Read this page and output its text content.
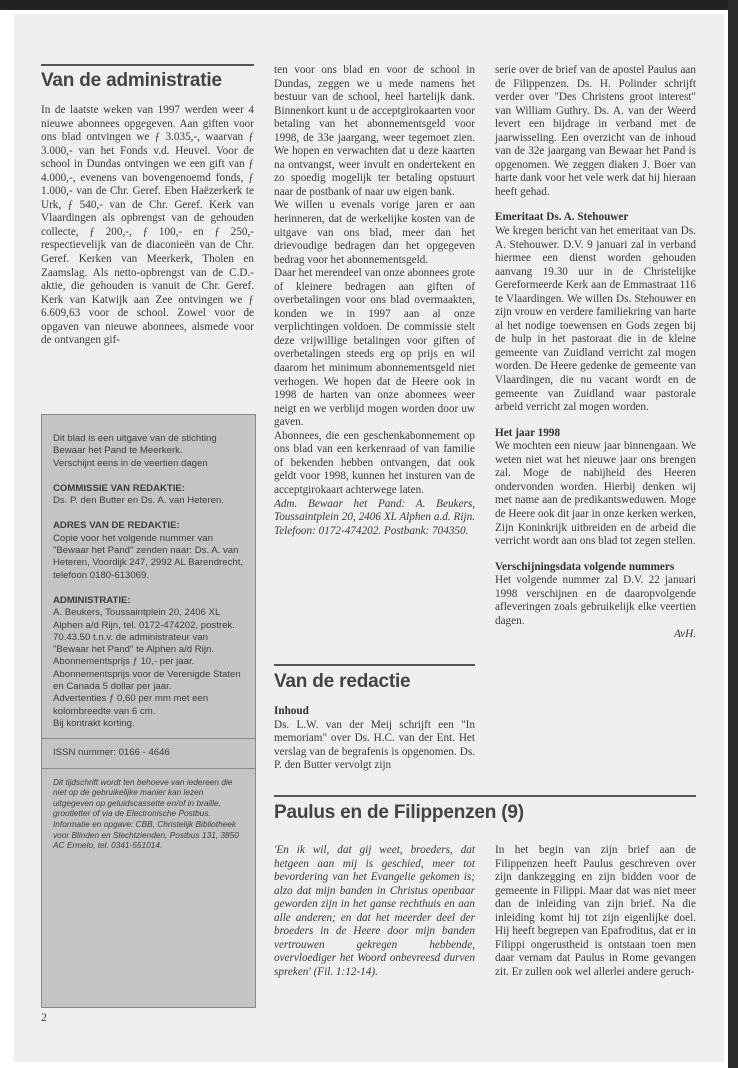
Van de administratie

In de laatste weken van 1997 werden weer 4 nieuwe abonnees opgegeven. Aan giften voor ons blad ontvingen we ƒ 3.035,-, waarvan ƒ 3.000,- van het Fonds v.d. Heuvel. Voor de school in Dundas ontvingen we een gift van ƒ 4.000,-, evenens van bovengenoemd fonds, ƒ 1.000,- van de Chr. Geref. Eben Haëzerkerk te Urk, ƒ 540,- van de Chr. Geref. Kerk van Vlaardingen als opbrengst van de gehouden collecte, ƒ 200,-, ƒ 100,- en ƒ 250,- respectievelijk van de diaconieën van de Chr. Geref. Kerken van Meerkerk, Tholen en Zaamslag. Als netto-opbrengst van de C.D.-aktie, die gehouden is vanuit de Chr. Geref. Kerk van Katwijk aan Zee ontvingen we ƒ 6.609,63 voor de school. Zowel voor de opgaven van nieuwe abonnees, alsmede voor de ontvangen gif-

Dit blad is een uitgave van de stichting Bewaar het Pand te Meerkerk.

Verschijnt eens in de veertien dagen

COMMISSIE VAN REDAKTIE:

Ds. P. den Butter en Ds. A. van Heteren.

ADRES VAN DE REDAKTIE:

Copie voor het volgende nummer van "Bewaar het Pand" zenden naar: Ds. A. van Heteren, Voordijk 247, 2992 AL Barendrecht, telefoon 0180-613069.

ADMINISTRATIE:

A. Beukers, Toussaintplein 20, 2406 XL Alphen a/d Rijn, tel. 0172-474202, postrek. 70.43.50 t.n.v. de administrateur van "Bewaar het Pand" te Alphen a/d Rijn.

Abonnementsprijs ƒ 10,- per jaar. Abonnementsprijs voor de Verenigde Staten en Canada 5 dollar per jaar.

Advertenties ƒ 0,60 per mm met een kolombreedte van 6 cm.

Bij kontrakt korting.

ISSN nummer: 0166 - 4646

Dit tijdschrift wordt ten behoeve van iedereen die niet op de gebruikelijke manier kan lezen uitgegeven op geluidscassette en/of in braille, grootletter of via de Electronische Postbus. Informatie en opgave: CBB, Christelijk Bibliotheek voor Blinden en Slechtzienden, Postbus 131, 3850 AC Ermelo, tel. 0341-551014.

2

ten voor ons blad en voor de school in Dundas, zeggen we u mede namens het bestuur van de school, heel hartelijk dank. Binnenkort kunt u de acceptgirokaarten voor betaling van het abonnementsgeld voor 1998, de 33e jaargang, weer tegemoet zien. We hopen en verwachten dat u deze kaarten na ontvangst, weer invult en ondertekent en zo spoedig mogelijk ter betaling opstuurt naar de postbank of naar uw eigen bank.

We willen u evenals vorige jaren er aan herinneren, dat de werkelijke kosten van de uitgave van ons blad, meer dan het drievoudige bedragen dan het opgegeven bedrag voor het abonnementsgeld.

Daar het merendeel van onze abonnees grote of kleinere bedragen aan giften of overbetalingen voor ons blad overmaakten, konden we in 1997 aan al onze verplichtingen voldoen. De commissie stelt deze vrijwillige betalingen voor giften of overbetalingen steeds erg op prijs en wil daarom het minimum abonnementsgeld niet verhogen. We hopen dat de Heere ook in 1998 de harten van onze abonnees weer neigt en we verblijd mogen worden door uw gaven.

Abonnees, die een geschenkabonnement op ons blad van een kerkenraad of van familie of bekenden hebben ontvangen, dat ook geldt voor 1998, kunnen het insturen van de acceptgirokaart achterwege laten.

Adm. Bewaar het Pand: A. Beukers, Toussaintplein 20, 2406 XL Alphen a.d. Rijn. Telefoon: 0172-474202. Postbank: 704350.

Van de redactie

Inhoud

Ds. L.W. van der Meij schrijft een "In memoriam" over Ds. H.C. van der Ent. Het verslag van de begrafenis is opgenomen. Ds. P. den Butter vervolgt zijn

serie over de brief van de apostel Paulus aan de Filippenzen. Ds. H. Polinder schrijft verder over "Des Christens groot interest" van William Guthry. Ds. A. van der Weerd levert een bijdrage in verband met de jaarwisseling. Een overzicht van de inhoud van de 32e jaargang van Bewaar het Pand is opgenomen. We zeggen diaken J. Boer van harte dank voor het vele werk dat hij hieraan heeft gehad.

Emeritaat Ds. A. Stehouwer

We kregen bericht van het emeritaat van Ds. A. Stehouwer. D.V. 9 januari zal in verband hiermee een dienst worden gehouden aanvang 19.30 uur in de Christelijke Gereformeerde Kerk aan de Emmastraat 116 te Vlaardingen. We willen Ds. Stehouwer en zijn vrouw en verdere familiekring van harte al het nodige toewensen en Gods zegen bij de hulp in het pastoraat die in de kleine gemeente van Zuidland verricht zal mogen worden. De Heere gedenke de gemeente van Vlaardingen, die nu vacant wordt en de gemeente van Zuidland waar pastorale arbeid verricht zal mogen worden.

Het jaar 1998

We mochten een nieuw jaar binnengaan. We weten niet wat het nieuwe jaar ons brengen zal. Moge de nabijheid des Heeren ondervonden worden. Hierbij denken wij met name aan de predikantsweduwen. Moge de Heere ook dit jaar in onze kerken werken, Zijn Koninkrijk uitbreiden en de arbeid die verricht wordt aan ons blad tot zegen stellen.

Verschijningsdata volgende nummers

Het volgende nummer zal D.V. 22 januari 1998 verschijnen en de daaropvolgende afleveringen zoals gebruikelijk elke veertien dagen.

AvH.

Paulus en de Filippenzen (9)

'En ik wil, dat gij weet, broeders, dat hetgeen aan mij is geschied, meer tot bevordering van het Evangelie gekomen is; alzo dat mijn banden in Christus openbaar geworden zijn in het ganse rechthuis en aan alle anderen; en dat het meerder deel der broeders in de Heere door mijn banden vertrouwen gekregen hebbende, overvloediger het Woord onbevreesd durven spreken' (Fil. 1:12-14).

In het begin van zijn brief aan de Filippenzen heeft Paulus geschreven over zijn dankzegging en zijn bidden voor de gemeente in Filippi. Maar dat was niet meer dan de inleiding van zijn brief. Na die inleiding komt hij tot zijn eigenlijke doel. Hij heeft begrepen van Epafroditus, dat er in Filippi ongerustheid is ontstaan toen men daar vernam dat Paulus in Rome gevangen zit. Er zullen ook wel allerlei andere geruch-
